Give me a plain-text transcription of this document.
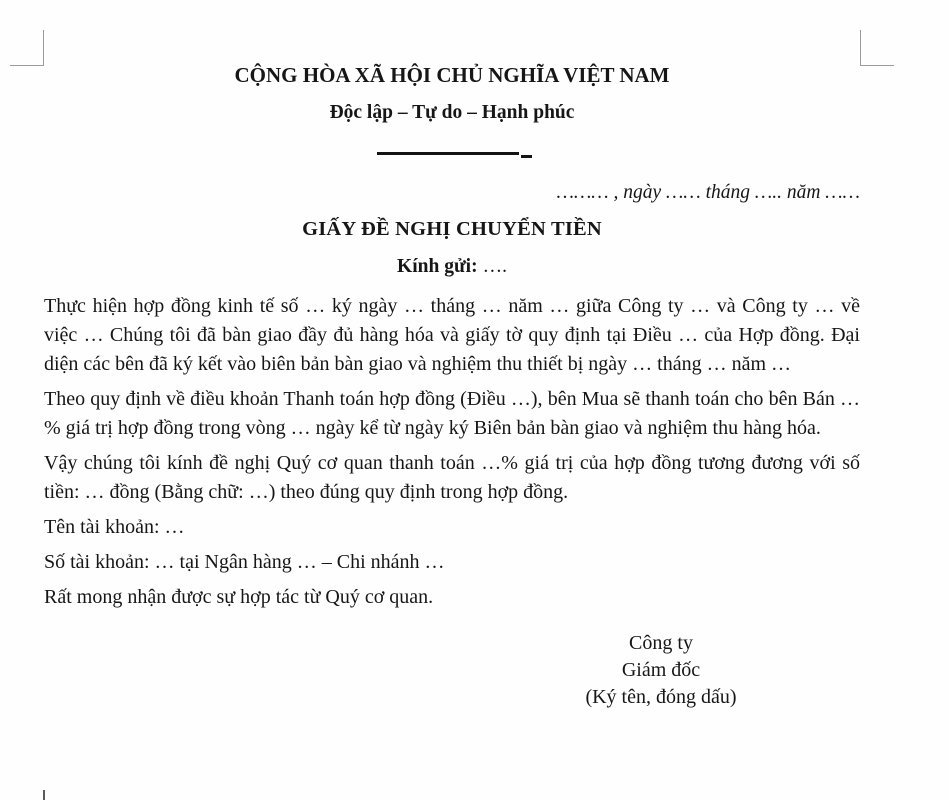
CỘNG HÒA XÃ HỘI CHỦ NGHĨA VIỆT NAM
Độc lập – Tự do – Hạnh phúc
……… , ngày …… tháng ….. năm ……
GIẤY ĐỀ NGHỊ CHUYỂN TIỀN
Kính gửi: ….

Thực hiện hợp đồng kinh tế số … ký ngày … tháng … năm … giữa Công ty … và Công ty … về việc … Chúng tôi đã bàn giao đầy đủ hàng hóa và giấy tờ quy định tại Điều … của Hợp đồng. Đại diện các bên đã ký kết vào biên bản bàn giao và nghiệm thu thiết bị ngày … tháng … năm …

Theo quy định về điều khoản Thanh toán hợp đồng (Điều …), bên Mua sẽ thanh toán cho bên Bán …% giá trị hợp đồng trong vòng … ngày kể từ ngày ký Biên bản bàn giao và nghiệm thu hàng hóa.

Vậy chúng tôi kính đề nghị Quý cơ quan thanh toán …% giá trị của hợp đồng tương đương với số tiền: … đồng (Bằng chữ: …) theo đúng quy định trong hợp đồng.

Tên tài khoản: …

Số tài khoản: … tại Ngân hàng … – Chi nhánh …

Rất mong nhận được sự hợp tác từ Quý cơ quan.

Công ty
Giám đốc
(Ký tên, đóng dấu)
